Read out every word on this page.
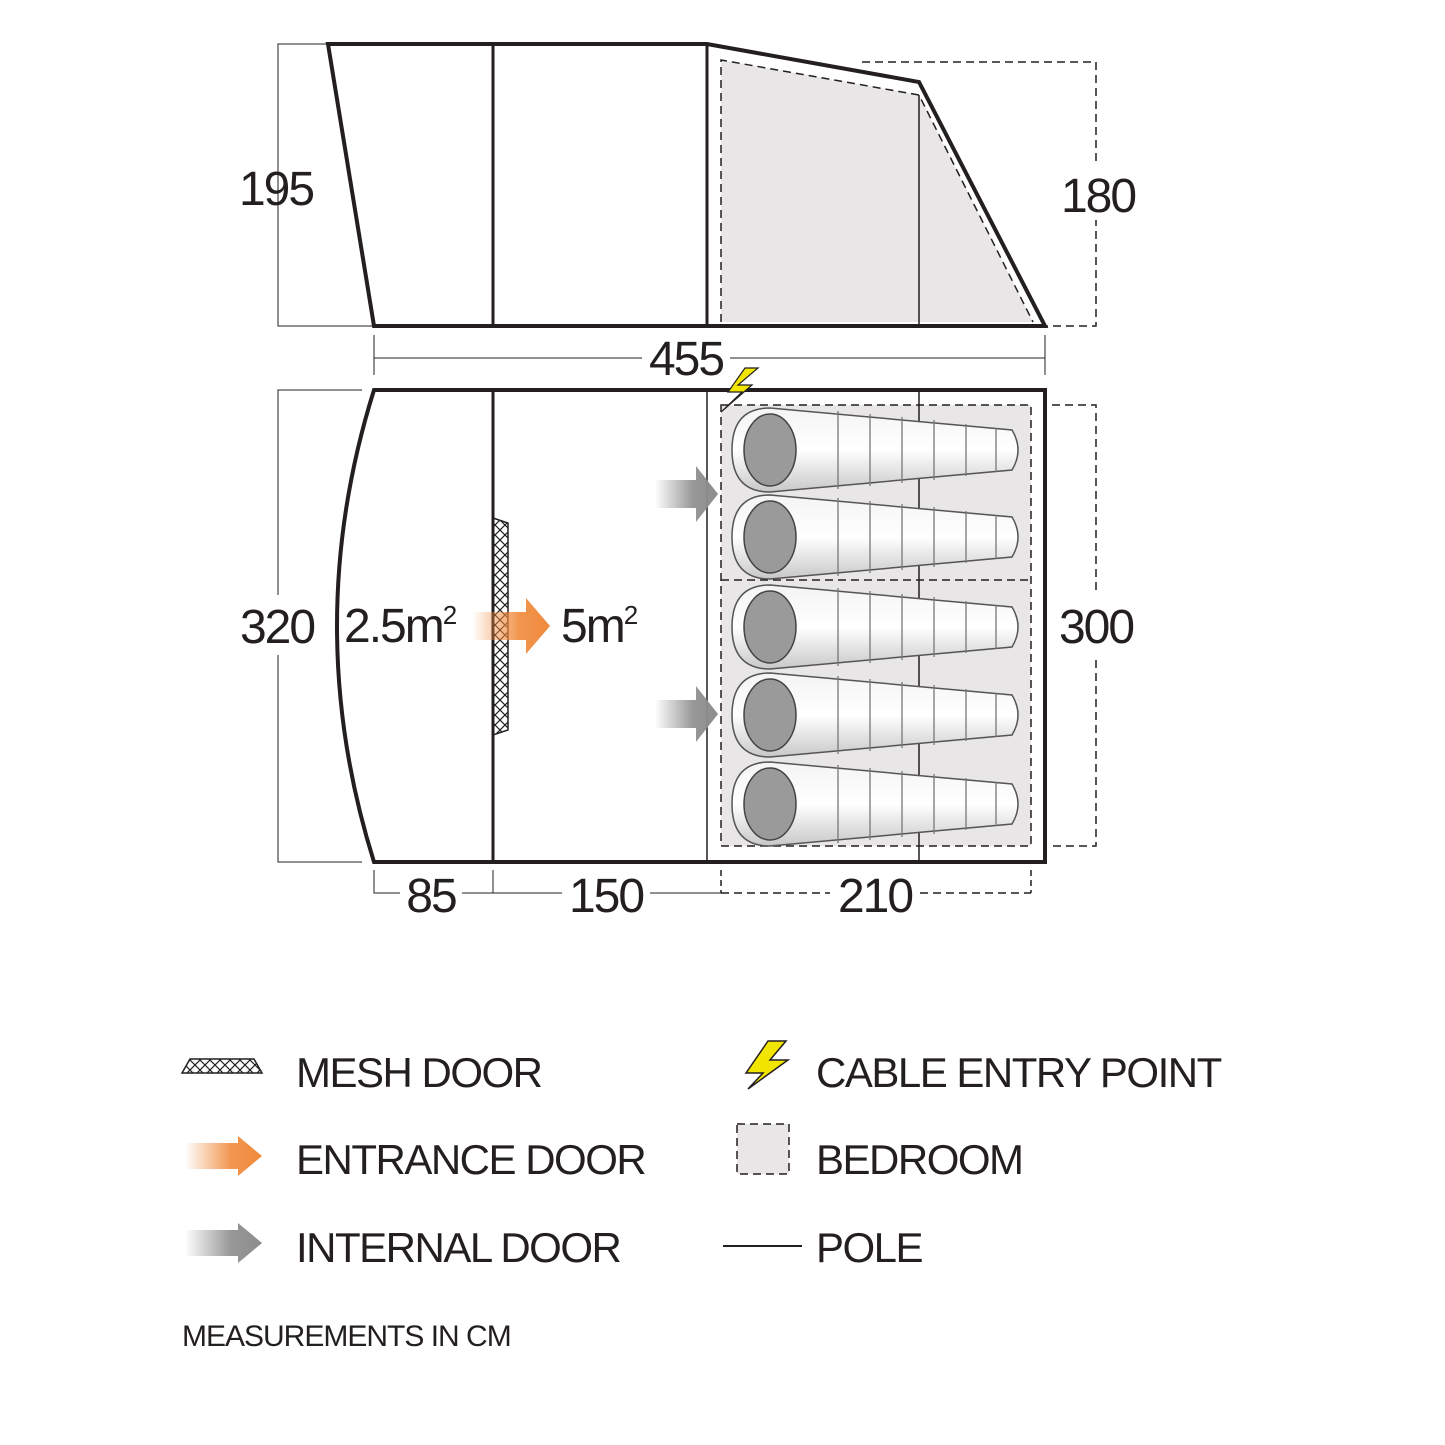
195	180
455
$2.5m^2$ $5m^2$
320	300
85 150	210
MESH DOOR
ENTRANCE DOOR
INTERNAL DOOR
CABLE ENTRY POINT
BEDROOM
POLE
MEASUREMENTS IN CM
